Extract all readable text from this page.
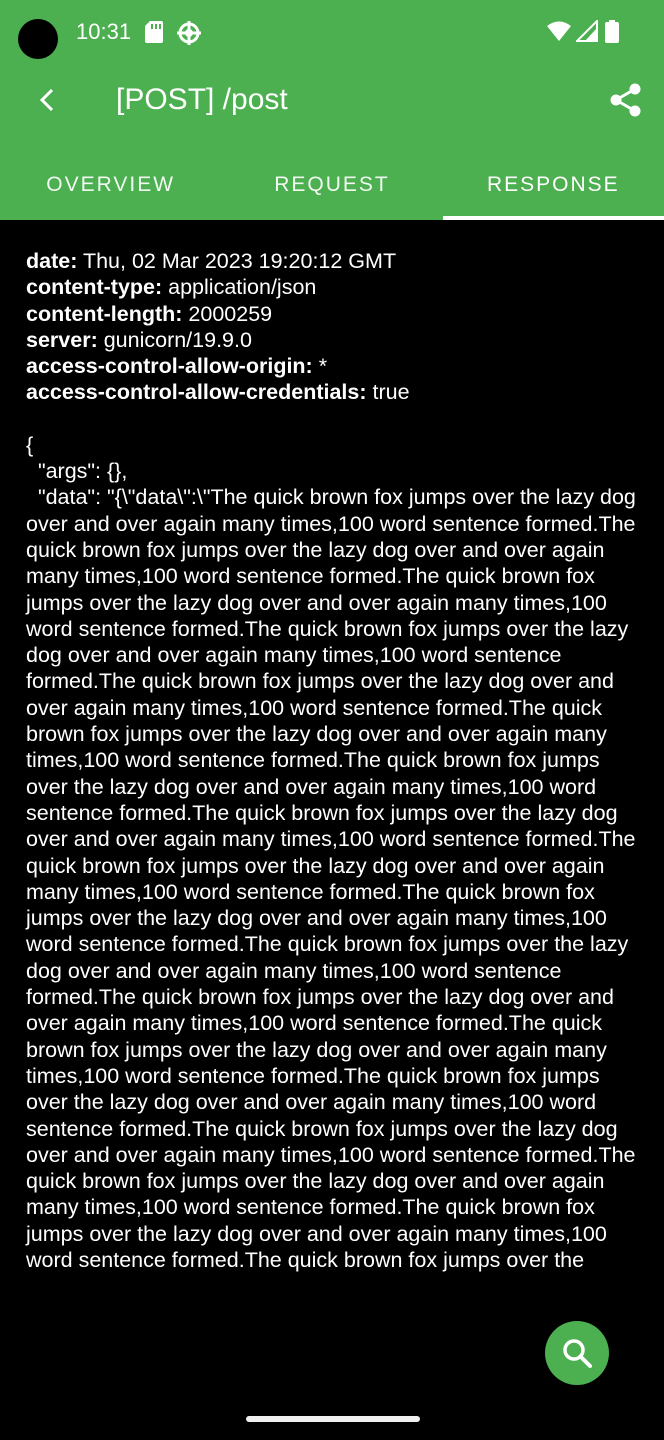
10:31
[POST] /post
OVERVIEW	REQUEST	RESPONSE
date: Thu, 02 Mar 2023 19:20:12 GMT
content-type: application/json
content-length: 2000259
server: gunicorn/19.9.0
access-control-allow-origin: *
access-control-allow-credentials: true
{
"args": {},
"data": "{\"data\":\"The quick brown fox jumps over the lazy dog over and over again many times,100 word sentence formed.The quick brown fox jumps over the lazy dog over and over again many times,100 word sentence formed.The quick brown fox jumps over the lazy dog over and over again many times,100 word sentence formed.The quick brown fox jumps over the lazy dog over and over again many times,100 word sentence formed.The quick brown fox jumps over the lazy dog over and over again many times,100 word sentence formed.The quick brown fox jumps over the lazy dog over and over again many times,100 word sentence formed.The quick brown fox jumps over the lazy dog over and over again many times,100 word sentence formed.The quick brown fox jumps over the lazy dog over and over again many times,100 word sentence formed.The quick brown fox jumps over the lazy dog over and over again many times,100 word sentence formed.The quick brown fox jumps over the lazy dog over and over again many times,100 word sentence formed.The quick brown fox jumps over the lazy dog over and over again many times,100 word sentence formed.The quick brown fox jumps over the lazy dog over and over again many times,100 word sentence formed.The quick brown fox jumps over the lazy dog over and over again many times,100 word sentence formed.The quick brown fox jumps over the lazy dog over and over again many times,100 word sentence formed.The quick brown fox jumps over the lazy dog over and over again many times,100 word sentence formed.The quick brown fox jumps over the lazy dog over and over again many times,100 word sentence formed.The quick brown fox jumps over the lazy dog over and over again many times,100 word sentence formed.The quick brown fox jumps over the
